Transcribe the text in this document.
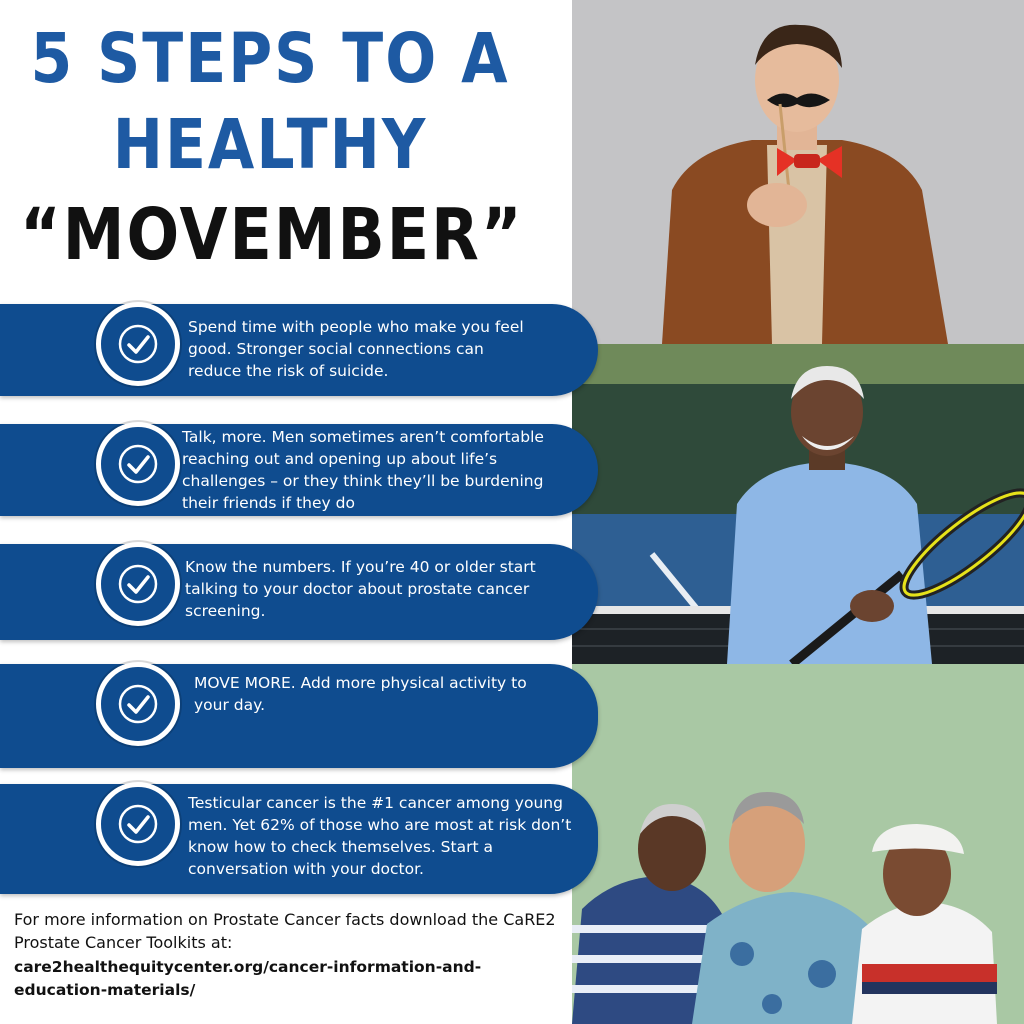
5 STEPS TO A
HEALTHY
“MOVEMBER”
Spend time with people who make you feel good. Stronger social connections can reduce the risk of suicide.
Talk, more. Men sometimes aren’t comfortable reaching out and opening up about life’s challenges – or they think they’ll be burdening their friends if they do
Know the numbers. If you’re 40 or older start talking to your doctor about prostate cancer screening.
MOVE MORE. Add more physical activity to your day.
Testicular cancer is the #1 cancer among young men. Yet 62% of those who are most at risk don’t know how to check themselves. Start a conversation with your doctor.
For more information on Prostate Cancer facts download the CaRE2 Prostate Cancer Toolkits at:
care2healthequitycenter.org/cancer-information-and-education-materials/
